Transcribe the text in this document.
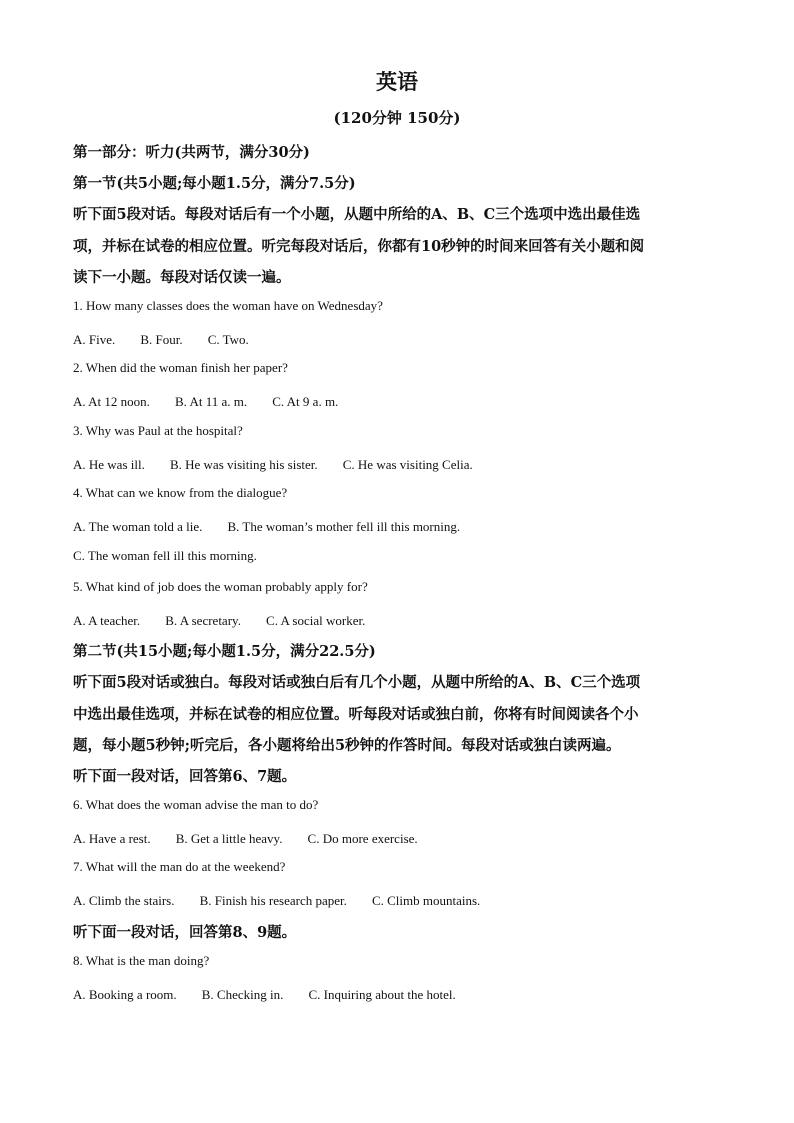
英语
(120分钟 150分)
第一部分：听力(共两节，满分30分)
第一节(共5小题;每小题1.5分，满分7.5分)
听下面5段对话。每段对话后有一个小题，从题中所给的A、B、C三个选项中选出最佳选
项，并标在试卷的相应位置。听完每段对话后，你都有10秒钟的时间来回答有关小题和阅
读下一小题。每段对话仅读一遍。
1. How many classes does the woman have on Wednesday?
A. Five. B. Four. C. Two.
2. When did the woman finish her paper?
A. At 12 noon. B. At 11 a. m. C. At 9 a. m.
3. Why was Paul at the hospital?
A. He was ill. B. He was visiting his sister. C. He was visiting Celia.
4. What can we know from the dialogue?
A. The woman told a lie. B. The woman’s mother fell ill this morning.
C. The woman fell ill this morning.
5. What kind of job does the woman probably apply for?
A. A teacher. B. A secretary. C. A social worker.
第二节(共15小题;每小题1.5分，满分22.5分)
听下面5段对话或独白。每段对话或独白后有几个小题，从题中所给的A、B、C三个选项
中选出最佳选项，并标在试卷的相应位置。听每段对话或独白前，你将有时间阅读各个小
题，每小题5秒钟;听完后，各小题将给出5秒钟的作答时间。每段对话或独白读两遍。
听下面一段对话，回答第6、7题。
6. What does the woman advise the man to do?
A. Have a rest. B. Get a little heavy. C. Do more exercise.
7. What will the man do at the weekend?
A. Climb the stairs. B. Finish his research paper. C. Climb mountains.
听下面一段对话，回答第8、9题。
8. What is the man doing?
A. Booking a room. B. Checking in. C. Inquiring about the hotel.
